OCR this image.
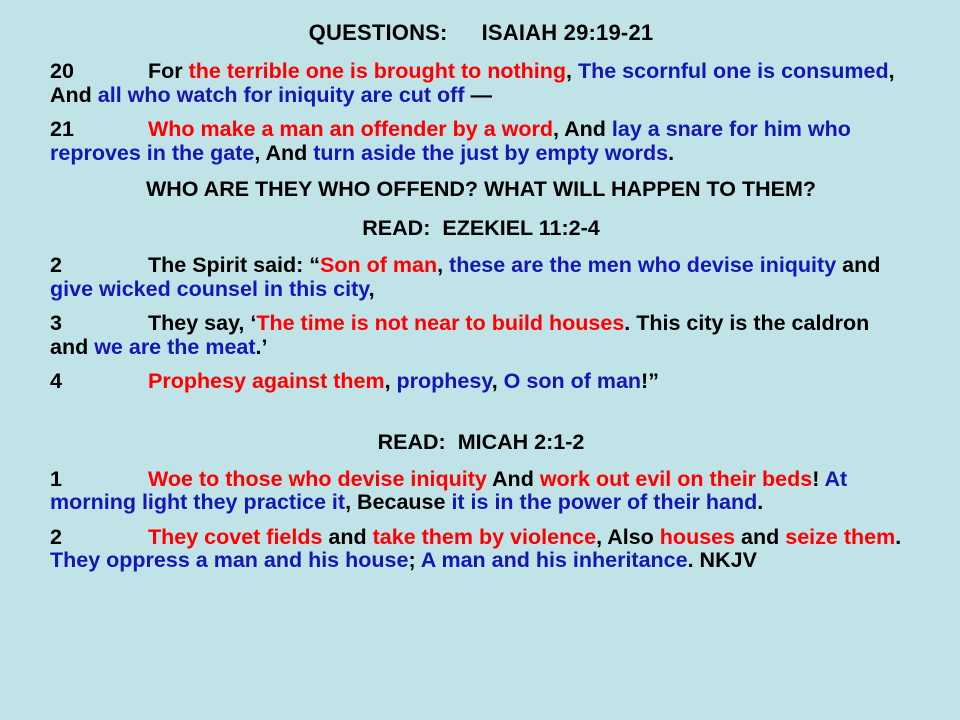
QUESTIONS: ISAIAH 29:19-21
20	For the terrible one is brought to nothing, The scornful one is consumed, And all who watch for iniquity are cut off —
21	Who make a man an offender by a word, And lay a snare for him who reproves in the gate, And turn aside the just by empty words.
WHO ARE THEY WHO OFFEND? WHAT WILL HAPPEN TO THEM?
READ: EZEKIEL 11:2-4
2	The Spirit said: “Son of man, these are the men who devise iniquity and give wicked counsel in this city,
3	They say, ‘The time is not near to build houses. This city is the caldron and we are the meat.’
4	Prophesy against them, prophesy, O son of man!”
READ: MICAH 2:1-2
1	Woe to those who devise iniquity And work out evil on their beds! At morning light they practice it, Because it is in the power of their hand.
2	They covet fields and take them by violence, Also houses and seize them. They oppress a man and his house; A man and his inheritance. NKJV
